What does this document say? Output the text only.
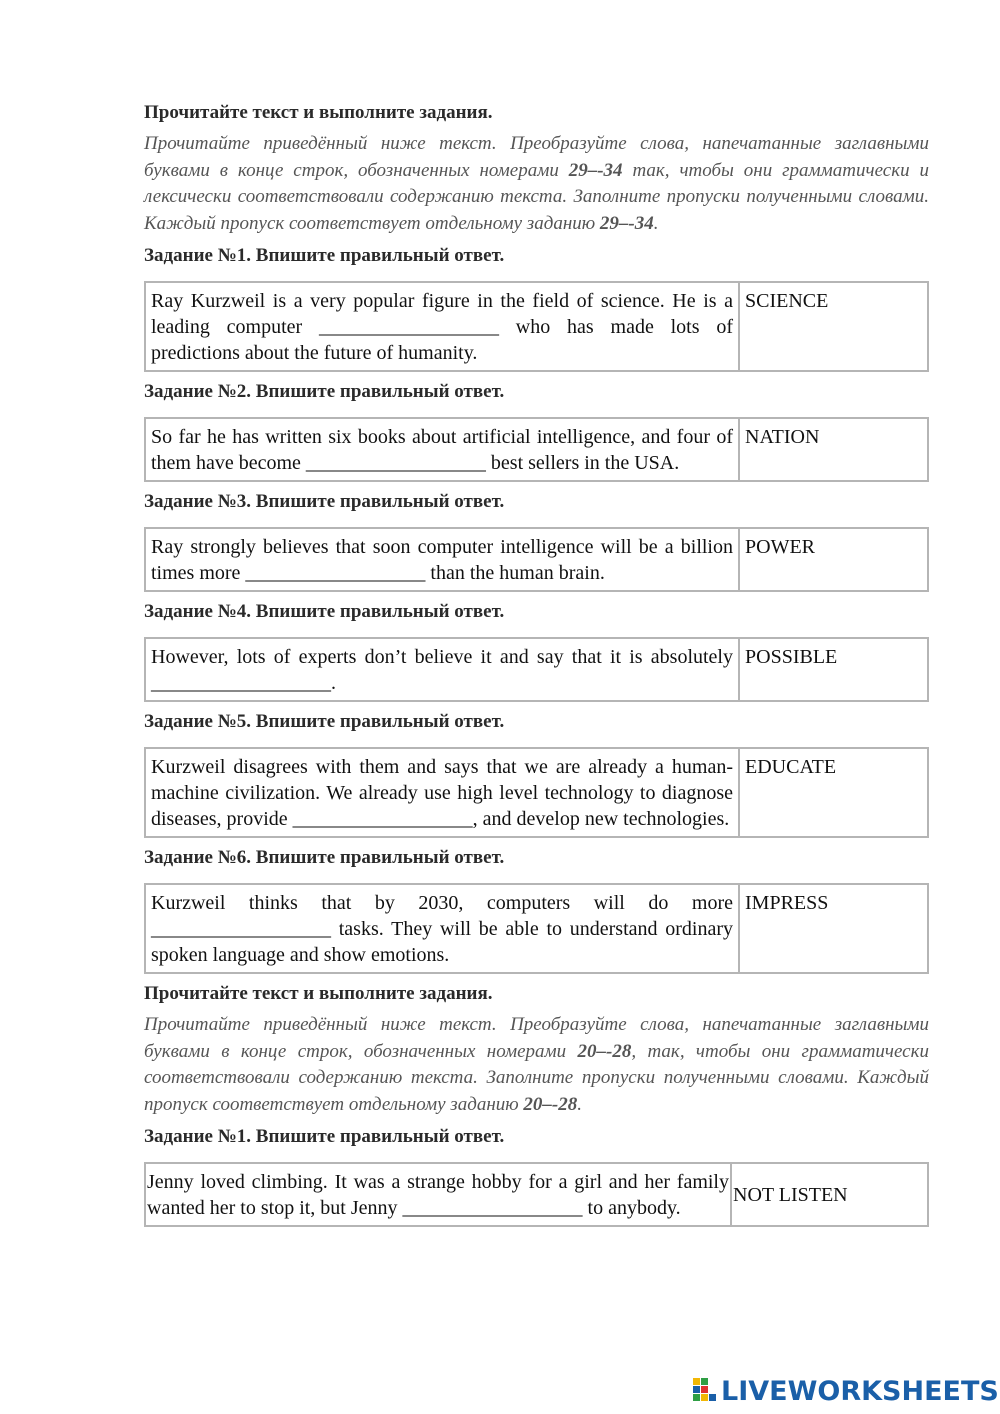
Прочитайте текст и выполните задания.
Прочитайте приведённый ниже текст. Преобразуйте слова, напечатанные заглавными буквами в конце строк, обозначенных номерами 29–-34 так, чтобы они грамматически и лексически соответствовали содержанию текста. Заполните пропуски полученными словами. Каждый пропуск соответствует отдельному заданию 29–-34.
Задание №1. Впишите правильный ответ.
Ray Kurzweil is a very popular figure in the field of science. He is a leading computer __________________ who has made lots of predictions about the future of humanity.	SCIENCE
Задание №2. Впишите правильный ответ.
So far he has written six books about artificial intelligence, and four of them have become __________________ best sellers in the USA.	NATION
Задание №3. Впишите правильный ответ.
Ray strongly believes that soon computer intelligence will be a billion times more __________________ than the human brain.	POWER
Задание №4. Впишите правильный ответ.
However, lots of experts don’t believe it and say that it is absolutely __________________.	POSSIBLE
Задание №5. Впишите правильный ответ.
Kurzweil disagrees with them and says that we are already a human-machine civilization. We already use high level technology to diagnose diseases, provide __________________, and develop new technologies.	EDUCATE
Задание №6. Впишите правильный ответ.
Kurzweil thinks that by 2030, computers will do more __________________ tasks. They will be able to understand ordinary spoken language and show emotions.	IMPRESS
Прочитайте текст и выполните задания.
Прочитайте приведённый ниже текст. Преобразуйте слова, напечатанные заглавными буквами в конце строк, обозначенных номерами 20–-28, так, чтобы они грамматически соответствовали содержанию текста. Заполните пропуски полученными словами. Каждый пропуск соответствует отдельному заданию 20–-28.
Задание №1. Впишите правильный ответ.
Jenny loved climbing. It was a strange hobby for a girl and her family wanted her to stop it, but Jenny __________________ to anybody.	NOT LISTEN
LIVEWORKSHEETS
